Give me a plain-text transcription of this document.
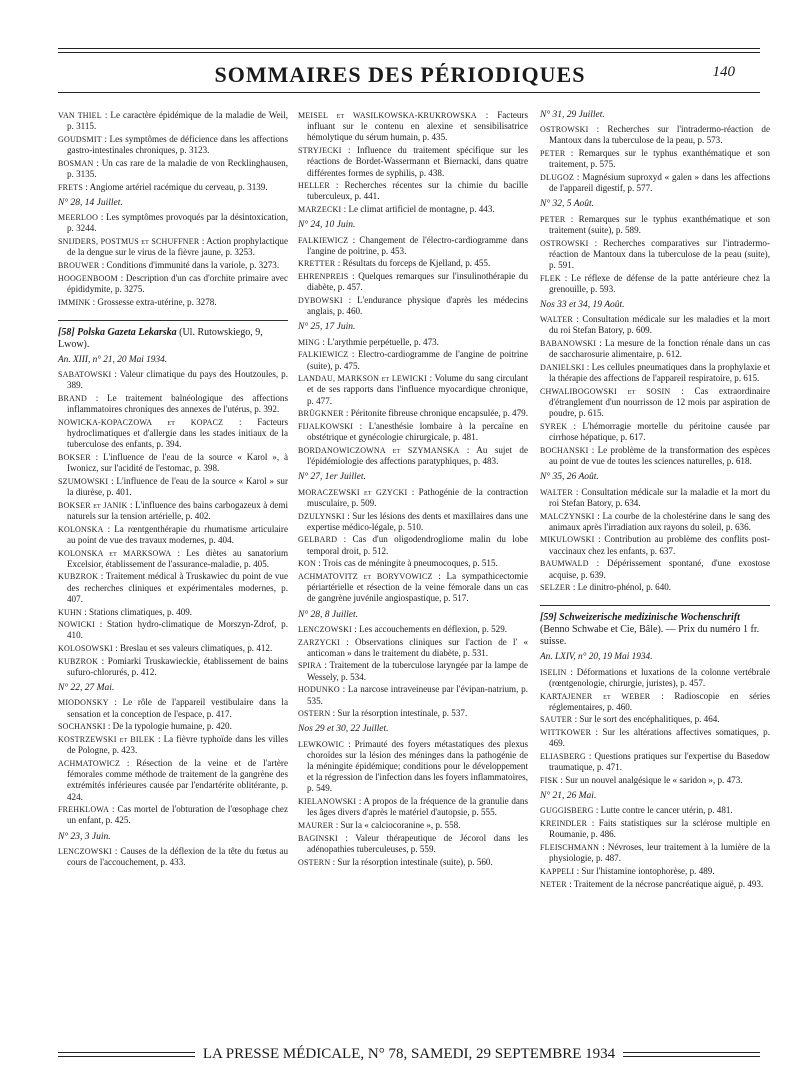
SOMMAIRES DES PÉRIODIQUES	140
VAN THIEL : Le caractère épidémique de la maladie de Weil, p. 3115.
GOUDSMIT : Les symptômes de déficience dans les affections gastro-intestinales chroniques, p. 3123.
BOSMAN : Un cas rare de la maladie de von Recklinghausen, p. 3135.
FRETS : Angiome artériel racémique du cerveau, p. 3139.
N° 28, 14 Juillet.
MEERLOO : Les symptômes provoqués par la désintoxication, p. 3244.
SNIJDERS, POSTMUS et SCHUFFNER : Action prophylactique de la dengue sur le virus de la fièvre jaune, p. 3253.
BROUWER : Conditions d'immunité dans la variole, p. 3273.
HOOGENBOOM : Description d'un cas d'orchite primaire avec épididymite, p. 3275.
IMMINK : Grossesse extra-utérine, p. 3278.
[58] Polska Gazeta Lekarska (Ul. Rutowskiego, 9, Lwow).
An. XIII, n° 21, 20 Mai 1934.
SABATOWSKI : Valeur climatique du pays des Houtzoules, p. 389.
BRAND : Le traitement balnéologique des affections inflammatoires chroniques des annexes de l'utérus, p. 392.
NOWICKA-KOPACZOWA et KOPACZ : Facteurs hydroclimatiques et d'allergie dans les stades initiaux de la tuberculose des enfants, p. 394.
BOKSER : L'influence de l'eau de la source « Karol », à Iwonicz, sur l'acidité de l'estomac, p. 398.
SZUMOWSKI : L'influence de l'eau de la source « Karol » sur la diurèse, p. 401.
BOKSER et JANIK : L'influence des bains carbogazeux à demi naturels sur la tension artérielle, p. 402.
KOLONSKA : La rœntgenthérapie du rhumatisme articulaire au point de vue des travaux modernes, p. 404.
KOLONSKA et MARKSOWA : Les diètes au sanatorium Excelsior, établissement de l'assurance-maladie, p. 405.
KUBZROK : Traitement médical à Truskawiec du point de vue des recherches cliniques et expérimentales modernes, p. 407.
KUHN : Stations climatiques, p. 409.
NOWICKI : Station hydro-climatique de Morszyn-Zdrof, p. 410.
KOLOSOWSKI : Breslau et ses valeurs climatiques, p. 412.
KUBZROK : Pomiarki Truskawieckie, établissement de bains sufuro-chlorurés, p. 412.
N° 22, 27 Mai.
MIODONSKY : Le rôle de l'appareil vestibulaire dans la sensation et la conception de l'espace, p. 417.
SOCHANSKI : De la typologie humaine, p. 420.
KOSTRZEWSKI et BILEK : La fièvre typhoïde dans les villes de Pologne, p. 423.
ACHMATOWICZ : Résection de la veine et de l'artère fémorales comme méthode de traitement de la gangrène des extrémités inférieures causée par l'endartérite oblitérante, p. 424.
FREHKLOWA : Cas mortel de l'obturation de l'œsophage chez un enfant, p. 425.
N° 23, 3 Juin.
LENCZOWSKI : Causes de la déflexion de la tête du fœtus au cours de l'accouchement, p. 433.
MEISEL et WASILKOWSKA-KRUKROWSKA : Facteurs influant sur le contenu en alexine et sensibilisatrice hémolytique du sérum humain, p. 435.
STRYJECKI : Influence du traitement spécifique sur les réactions de Bordet-Wassermann et Biernacki, dans quatre différentes formes de syphilis, p. 438.
HELLER : Recherches récentes sur la chimie du bacille tuberculeux, p. 441.
MARZECKI : Le climat artificiel de montagne, p. 443.
N° 24, 10 Juin.
FALKIEWICZ : Changement de l'électro-cardiogramme dans l'angine de poitrine, p. 453.
KRETTER : Résultats du forceps de Kjelland, p. 455.
EHRENPREIS : Quelques remarques sur l'insulinothérapie du diabète, p. 457.
DYBOWSKI : L'endurance physique d'après les médecins anglais, p. 460.
N° 25, 17 Juin.
MING : L'arythmie perpétuelle, p. 473.
FALKIEWICZ : Electro-cardiogramme de l'angine de poitrine (suite), p. 475.
LANDAU, MARKSON et LEWICKI : Volume du sang circulant et de ses rapports dans l'influence myocardique chronique, p. 477.
BRÜGKNER : Péritonite fibreuse chronique encapsulée, p. 479.
FIJALKOWSKI : L'anesthésie lombaire à la percaïne en obstétrique et gynécologie chirurgicale, p. 481.
BORDANOWICZOWNA et SZYMANSKA : Au sujet de l'épidémiologie des affections paratyphiques, p. 483.
N° 27, 1er Juillet.
MORACZEWSKI et GZYCKI : Pathogénie de la contraction musculaire, p. 509.
DZULYNSKI : Sur les lésions des dents et maxillaires dans une expertise médico-légale, p. 510.
GELBARD : Cas d'un oligodendrogliome malin du lobe temporal droit, p. 512.
KON : Trois cas de méningite à pneumocoques, p. 515.
ACHMATOVITZ et BORYVOWICZ : La sympathicectomie périartérielle et résection de la veine fémorale dans un cas de gangrène juvénile angiospastique, p. 517.
N° 28, 8 Juillet.
LENCZOWSKI : Les accouchements en déflexion, p. 529.
ZARZYCKI : Observations cliniques sur l'action de l' « anticoman » dans le traitement du diabète, p. 531.
SPIRA : Traitement de la tuberculose laryngée par la lampe de Wessely, p. 534.
HODUNKO : La narcose intraveineuse par l'évipan-natrium, p. 535.
OSTERN : Sur la résorption intestinale, p. 537.
Nos 29 et 30, 22 Juillet.
LEWKOWIC : Primauté des foyers métastatiques des plexus choroïdes sur la lésion des méninges dans la pathogénie de la méningite épidémique; conditions pour le développement et la régression de l'infection dans les foyers inflammatoires, p. 549.
KIELANOWSKI : A propos de la fréquence de la granulie dans les âges divers d'après le matériel d'autopsie, p. 555.
MAURER : Sur la « calciocoranine », p. 558.
BAGINSKI : Valeur thérapeutique de Jécorol dans les adénopathies tuberculeuses, p. 559.
OSTERN : Sur la résorption intestinale (suite), p. 560.
N° 31, 29 Juillet.
OSTROWSKI : Recherches sur l'intradermo-réaction de Mantoux dans la tuberculose de la peau, p. 573.
PETER : Remarques sur le typhus exanthématique et son traitement, p. 575.
DLUGOZ : Magnésium suproxyd « galen » dans les affections de l'appareil digestif, p. 577.
N° 32, 5 Août.
PETER : Remarques sur le typhus exanthématique et son traitement (suite), p. 589.
OSTROWSKI : Recherches comparatives sur l'intradermo-réaction de Mantoux dans la tuberculose de la peau (suite), p. 591.
FLEK : Le réflexe de défense de la patte antérieure chez la grenouille, p. 593.
Nos 33 et 34, 19 Août.
WALTER : Consultation médicale sur les maladies et la mort du roi Stefan Batory, p. 609.
BABANOWSKI : La mesure de la fonction rénale dans un cas de saccharosurie alimentaire, p. 612.
DANIELSKI : Les cellules pneumatiques dans la prophylaxie et la thérapie des affections de l'appareil respiratoire, p. 615.
CHWALIBOGOWSKI et SOSIN : Cas extraordinaire d'étranglement d'un nourrisson de 12 mois par aspiration de poudre, p. 615.
SYREK : L'hémorragie mortelle du péritoine causée par cirrhose hépatique, p. 617.
BOCHANSKI : Le problème de la transformation des espèces au point de vue de toutes les sciences naturelles, p. 618.
N° 35, 26 Août.
WALTER : Consultation médicale sur la maladie et la mort du roi Stefan Batory, p. 634.
MALCZYNSKI : La courbe de la cholestérine dans le sang des animaux après l'irradiation aux rayons du soleil, p. 636.
MIKULOWSKI : Contribution au problème des conflits post-vaccinaux chez les enfants, p. 637.
BAUMWALD : Dépérissement spontané, d'une exostose acquise, p. 639.
SELZER : Le dinitro-phénol, p. 640.
[59] Schweizerische medizinische Wochenschrift (Benno Schwabe et Cie, Bâle). — Prix du numéro 1 fr. suisse.
An. LXIV, n° 20, 19 Mai 1934.
ISELIN : Déformations et luxations de la colonne vertébrale (rœntgenologie, chirurgie, juristes), p. 457.
KARTAJENER et WEBER : Radioscopie en séries réglementaires, p. 460.
SAUTER : Sur le sort des encéphalitiques, p. 464.
WITTKOWER : Sur les altérations affectives somatiques, p. 469.
ELIASBERG : Questions pratiques sur l'expertise du Basedow traumatique, p. 471.
FISK : Sur un nouvel analgésique le « saridon », p. 473.
N° 21, 26 Mai.
GUGGISBERG : Lutte contre le cancer utérin, p. 481.
KREINDLER : Faits statistiques sur la sclérose multiple en Roumanie, p. 486.
FLEISCHMANN : Névroses, leur traitement à la lumière de la physiologie, p. 487.
KAPPELI : Sur l'histamine iontophorèse, p. 489.
NETER : Traitement de la nécrose pancréatique aiguë, p. 493.
LA PRESSE MÉDICALE, N° 78, SAMEDI, 29 SEPTEMBRE 1934
